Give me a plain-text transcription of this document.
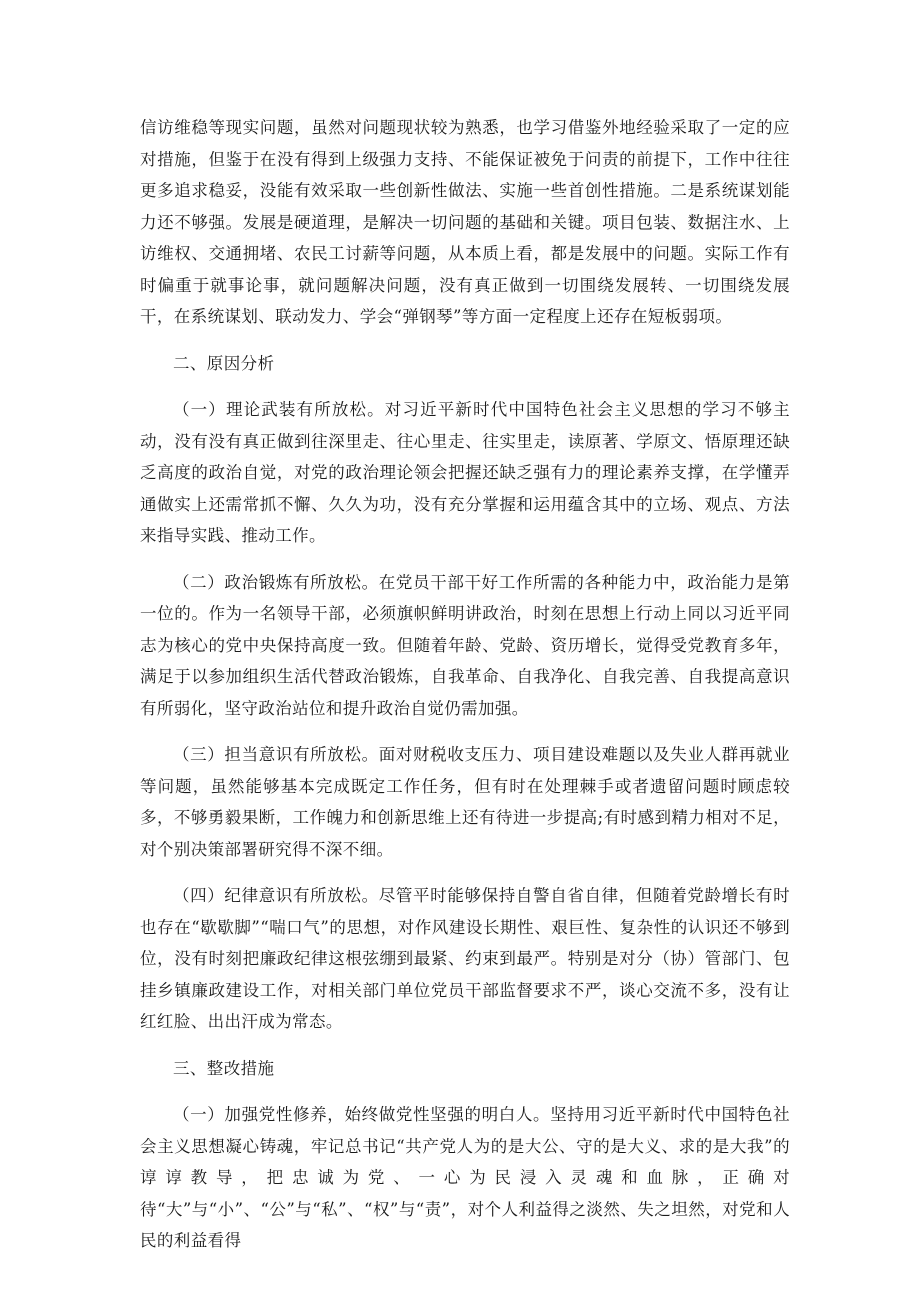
信访维稳等现实问题，虽然对问题现状较为熟悉，也学习借鉴外地经验采取了一定的应对措施，但鉴于在没有得到上级强力支持、不能保证被免于问责的前提下，工作中往往更多追求稳妥，没能有效采取一些创新性做法、实施一些首创性措施。二是系统谋划能力还不够强。发展是硬道理，是解决一切问题的基础和关键。项目包装、数据注水、上访维权、交通拥堵、农民工讨薪等问题，从本质上看，都是发展中的问题。实际工作有时偏重于就事论事，就问题解决问题，没有真正做到一切围绕发展转、一切围绕发展干，在系统谋划、联动发力、学会“弹钢琴”等方面一定程度上还存在短板弱项。

二、原因分析

（一）理论武装有所放松。对习近平新时代中国特色社会主义思想的学习不够主动，没有没有真正做到往深里走、往心里走、往实里走，读原著、学原文、悟原理还缺乏高度的政治自觉，对党的政治理论领会把握还缺乏强有力的理论素养支撑，在学懂弄通做实上还需常抓不懈、久久为功，没有充分掌握和运用蕴含其中的立场、观点、方法来指导实践、推动工作。

（二）政治锻炼有所放松。在党员干部干好工作所需的各种能力中，政治能力是第一位的。作为一名领导干部，必须旗帜鲜明讲政治，时刻在思想上行动上同以习近平同志为核心的党中央保持高度一致。但随着年龄、党龄、资历增长，觉得受党教育多年，满足于以参加组织生活代替政治锻炼，自我革命、自我净化、自我完善、自我提高意识有所弱化，坚守政治站位和提升政治自觉仍需加强。

（三）担当意识有所放松。面对财税收支压力、项目建设难题以及失业人群再就业等问题，虽然能够基本完成既定工作任务，但有时在处理棘手或者遗留问题时顾虑较多，不够勇毅果断，工作魄力和创新思维上还有待进一步提高;有时感到精力相对不足，对个别决策部署研究得不深不细。

（四）纪律意识有所放松。尽管平时能够保持自警自省自律，但随着党龄增长有时也存在“歇歇脚”“喘口气”的思想，对作风建设长期性、艰巨性、复杂性的认识还不够到位，没有时刻把廉政纪律这根弦绷到最紧、约束到最严。特别是对分（协）管部门、包挂乡镇廉政建设工作，对相关部门单位党员干部监督要求不严，谈心交流不多，没有让红红脸、出出汗成为常态。

三、整改措施

（一）加强党性修养，始终做党性坚强的明白人。坚持用习近平新时代中国特色社会主义思想凝心铸魂，牢记总书记“共产党人为的是大公、守的是大义、求的是大我”的谆谆教导，把忠诚为党、一心为民浸入灵魂和血脉，正确对待“大”与“小”、“公”与“私”、“权”与“责”，对个人利益得之淡然、失之坦然，对党和人民的利益看得
